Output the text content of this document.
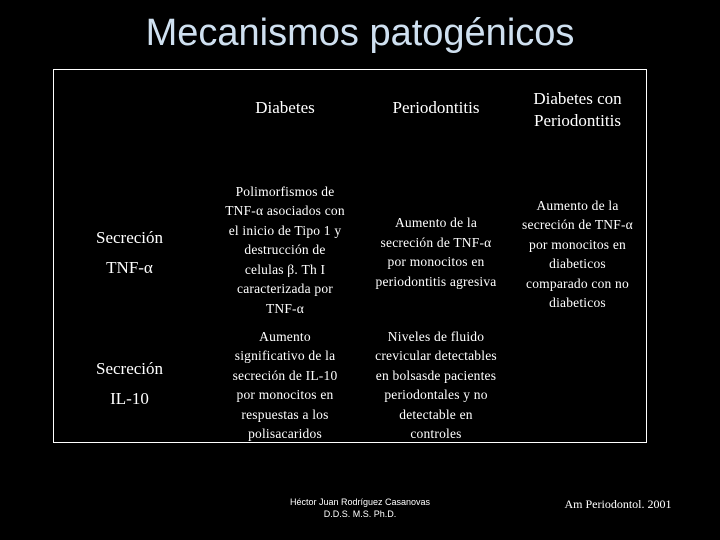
Mecanismos patogénicos
Diabetes	Periodontitis	Diabetes con
Periodontitis
Secreción
TNF-α
Polimorfismos de
TNF-α asociados con
el inicio de Tipo 1 y
destrucción de
celulas β. Th I
caracterizada por
TNF-α
Aumento de la
secreción de TNF-α
por monocitos en
periodontitis agresiva
Aumento de la
secreción de TNF-α
por monocitos en
diabeticos
comparado con no
diabeticos
Secreción
IL-10
Aumento
significativo de la
secreción de IL-10
por monocitos en
respuestas a los
polisacaridos
Niveles de fluido
crevicular detectables
en bolsasde pacientes
periodontales y no
detectable en
controles
Héctor Juan Rodríguez Casanovas
D.D.S. M.S. Ph.D.
Am Periodontol. 2001
